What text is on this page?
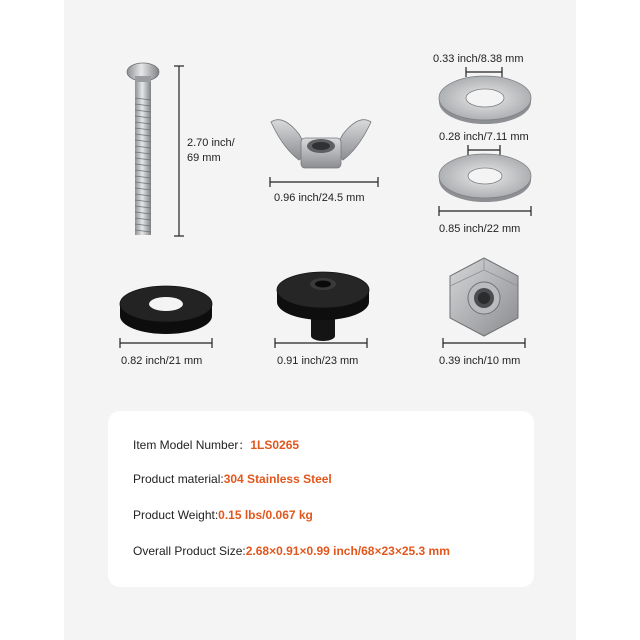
2.70 inch/
69 mm
0.96 inch/24.5 mm
0.33 inch/8.38 mm
0.28 inch/7.11 mm
0.85 inch/22 mm
0.82 inch/21 mm	0.91 inch/23 mm	0.39 inch/10 mm
Item Model Number：1LS0265
Product material:304 Stainless Steel
Product Weight:0.15 lbs/0.067 kg
Overall Product Size:2.68×0.91×0.99 inch/68×23×25.3 mm
